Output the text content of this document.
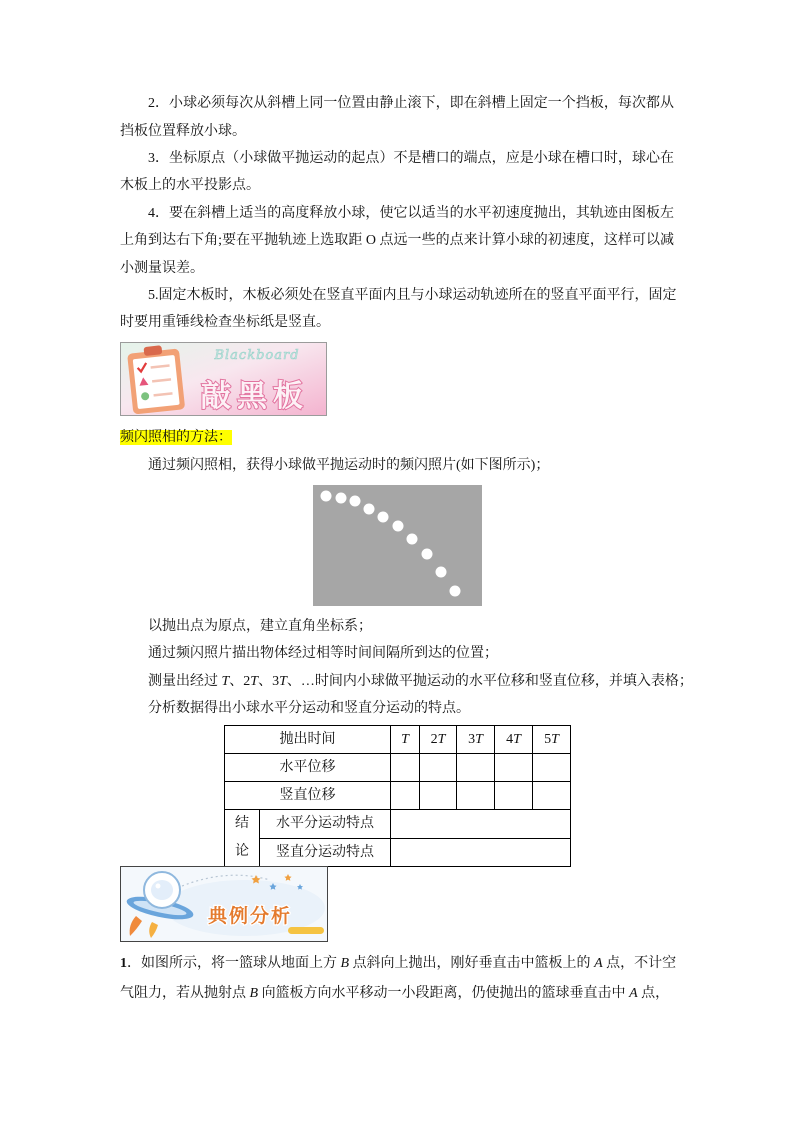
2．小球必须每次从斜槽上同一位置由静止滚下，即在斜槽上固定一个挡板，每次都从

挡板位置释放小球。

3．坐标原点（小球做平抛运动的起点）不是槽口的端点，应是小球在槽口时，球心在

木板上的水平投影点。

4．要在斜槽上适当的高度释放小球，使它以适当的水平初速度抛出，其轨迹由图板左

上角到达右下角;要在平抛轨迹上选取距 O 点远一些的点来计算小球的初速度，这样可以减

小测量误差。

5.固定木板时，木板必须处在竖直平面内且与小球运动轨迹所在的竖直平面平行，固定

时要用重锤线检查坐标纸是竖直。

Blackboard
敲黑板

频闪照相的方法：

通过频闪照相，获得小球做平抛运动时的频闪照片(如下图所示)；

以抛出点为原点，建立直角坐标系；

通过频闪照片描出物体经过相等时间间隔所到达的位置；

测量出经过 T、2T、3T、…时间内小球做平抛运动的水平位移和竖直位移，并填入表格；

分析数据得出小球水平分运动和竖直分运动的特点。

抛出时间		T	2T	3T	4T	5T
水平位移						
竖直位移						
结论	水平分运动特点					
	竖直分运动特点					
典例分析

1．如图所示，将一篮球从地面上方 B 点斜向上抛出，刚好垂直击中篮板上的 A 点，不计空

气阻力，若从抛射点 B 向篮板方向水平移动一小段距离，仍使抛出的篮球垂直击中 A 点，
